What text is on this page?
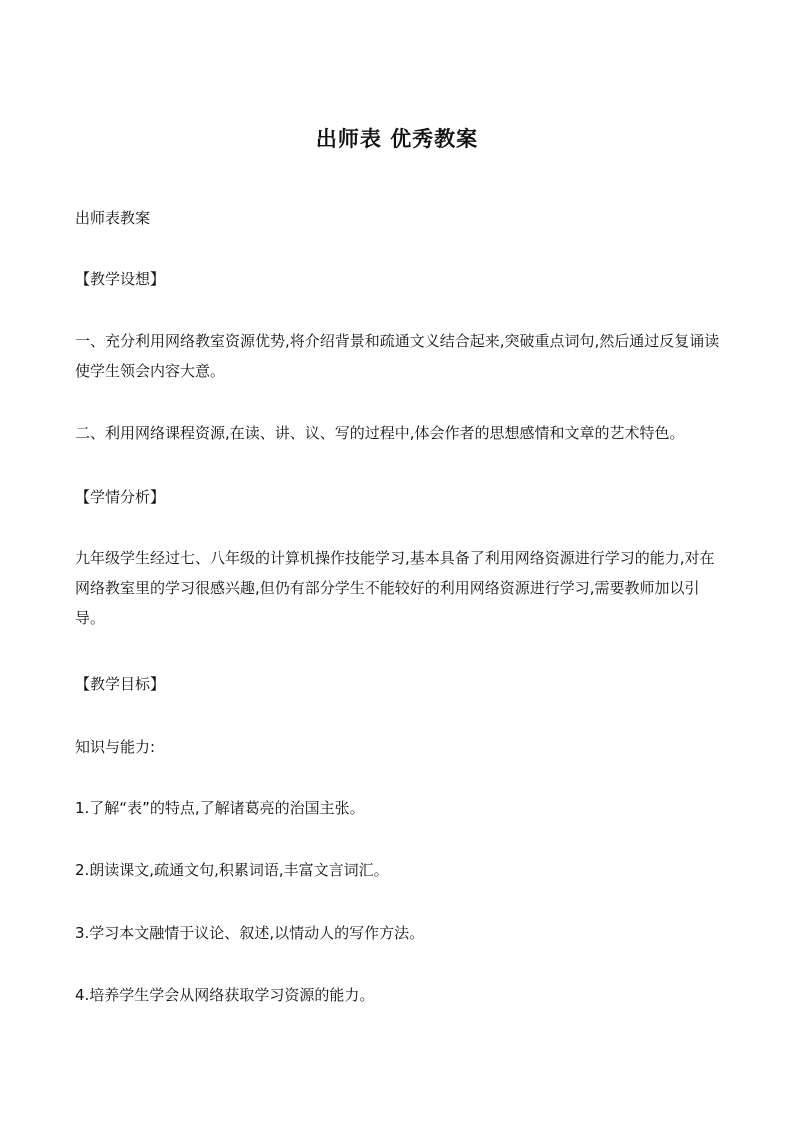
出师表 优秀教案

出师表教案

【教学设想】

一、充分利用网络教室资源优势,将介绍背景和疏通文义结合起来,突破重点词句,然后通过反复诵读使学生领会内容大意。

二、利用网络课程资源,在读、讲、议、写的过程中,体会作者的思想感情和文章的艺术特色。

【学情分析】

九年级学生经过七、八年级的计算机操作技能学习,基本具备了利用网络资源进行学习的能力,对在网络教室里的学习很感兴趣,但仍有部分学生不能较好的利用网络资源进行学习,需要教师加以引导。

【教学目标】

知识与能力:

1.了解“表”的特点,了解诸葛亮的治国主张。

2.朗读课文,疏通文句,积累词语,丰富文言词汇。

3.学习本文融情于议论、叙述,以情动人的写作方法。

4.培养学生学会从网络获取学习资源的能力。
